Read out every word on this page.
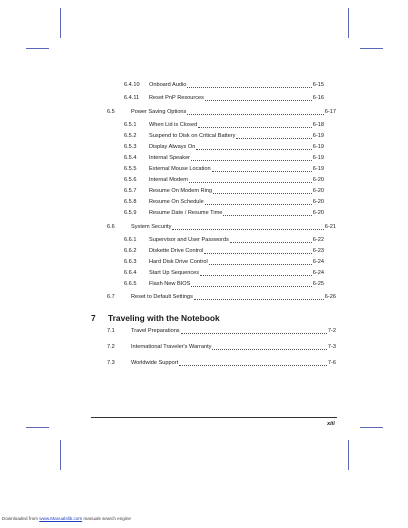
6.4.10	Onboard Audio	6-15
6.4.11	Reset PnP Resources	6-16
6.5	Power Saving Options	6-17
6.5.1	When Lid is Closed	6-18
6.5.2	Suspend to Disk on Critical Battery	6-19
6.5.3	Display Always On	6-19
6.5.4	Internal Speaker	6-19
6.5.5	External Mouse Location	6-19
6.5.6	Internal Modem	6-20
6.5.7	Resume On Modem Ring	6-20
6.5.8	Resume On Schedule	6-20
6.5.9	Resume Date / Resume Time	6-20
6.6	System Security	6-21
6.6.1	Supervisor and User Passwords	6-22
6.6.2	Diskette Drive Control	6-23
6.6.3	Hard Disk Drive Control	6-24
6.6.4	Start Up Sequences	6-24
6.6.5	Flash New BIOS	6-25
6.7	Reset to Default Settings	6-26
7 Traveling with the Notebook
7.1	Travel Preparations	7-2
7.2	International Traveler's Warranty	7-3
7.3	Worldwide Support	7-6
xiii
Downloaded from www.Manualslib.com manuals search engine
